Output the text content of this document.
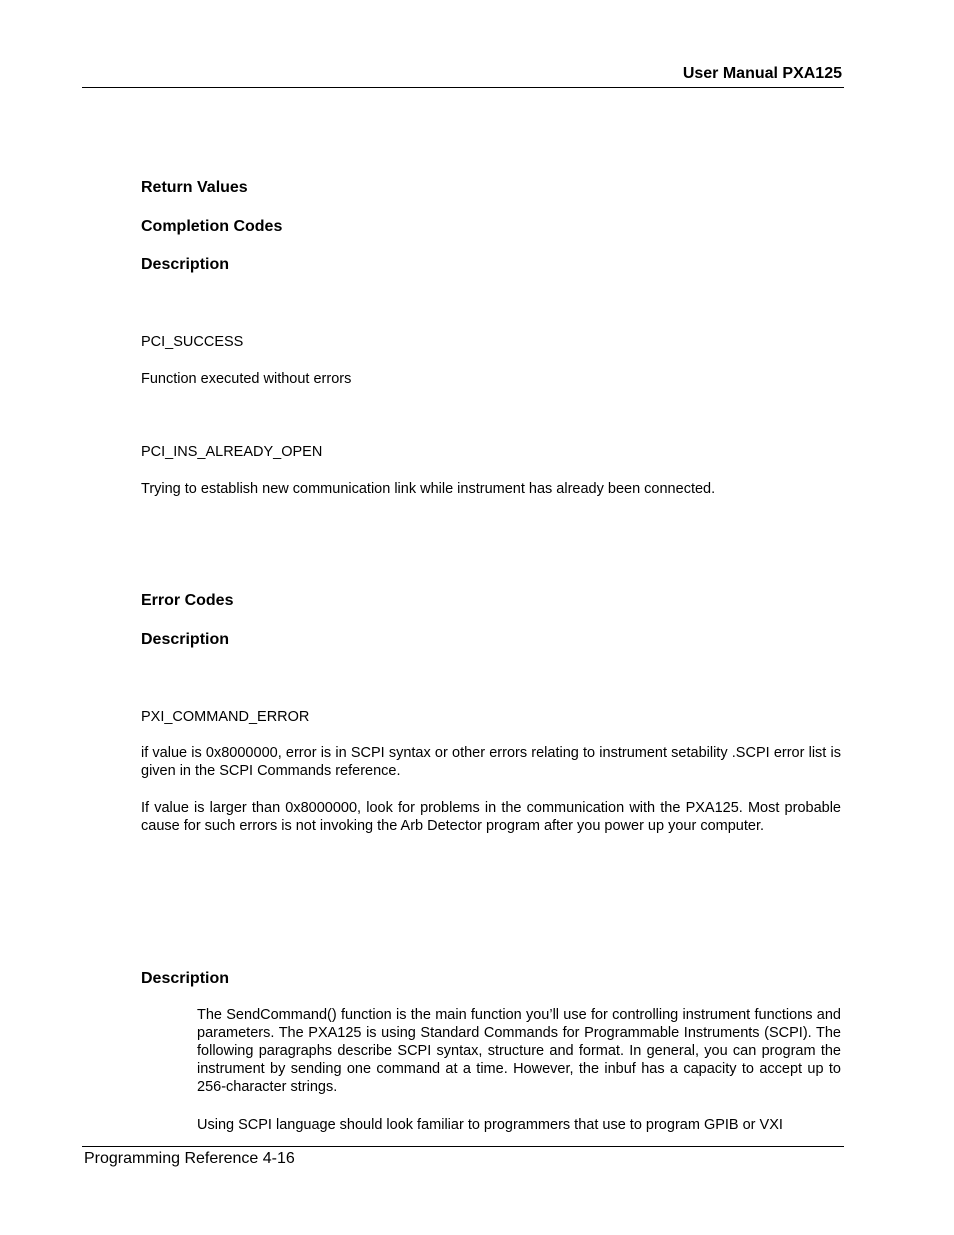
User Manual PXA125
Return Values
Completion Codes
Description
PCI_SUCCESS
Function executed without errors
PCI_INS_ALREADY_OPEN
Trying to establish new communication link while instrument has already been connected.
Error Codes
Description
PXI_COMMAND_ERROR
if value is 0x8000000, error is in SCPI syntax or other errors relating to instrument setability .SCPI error list is given in the SCPI Commands reference.
If value is larger than 0x8000000, look for problems in the communication with the PXA125. Most probable cause for such errors is not invoking the Arb Detector program after you power up your computer.
Description
The SendCommand() function is the main function you’ll use for controlling instrument functions and parameters. The PXA125 is using Standard Commands for Programmable Instruments (SCPI). The following paragraphs describe SCPI syntax, structure and format. In general, you can program the instrument by sending one command at a time. However, the inbuf has a capacity to accept up to 256-character strings.
Using SCPI language should look familiar to programmers that use to program GPIB or VXI
Programming Reference 4-16
